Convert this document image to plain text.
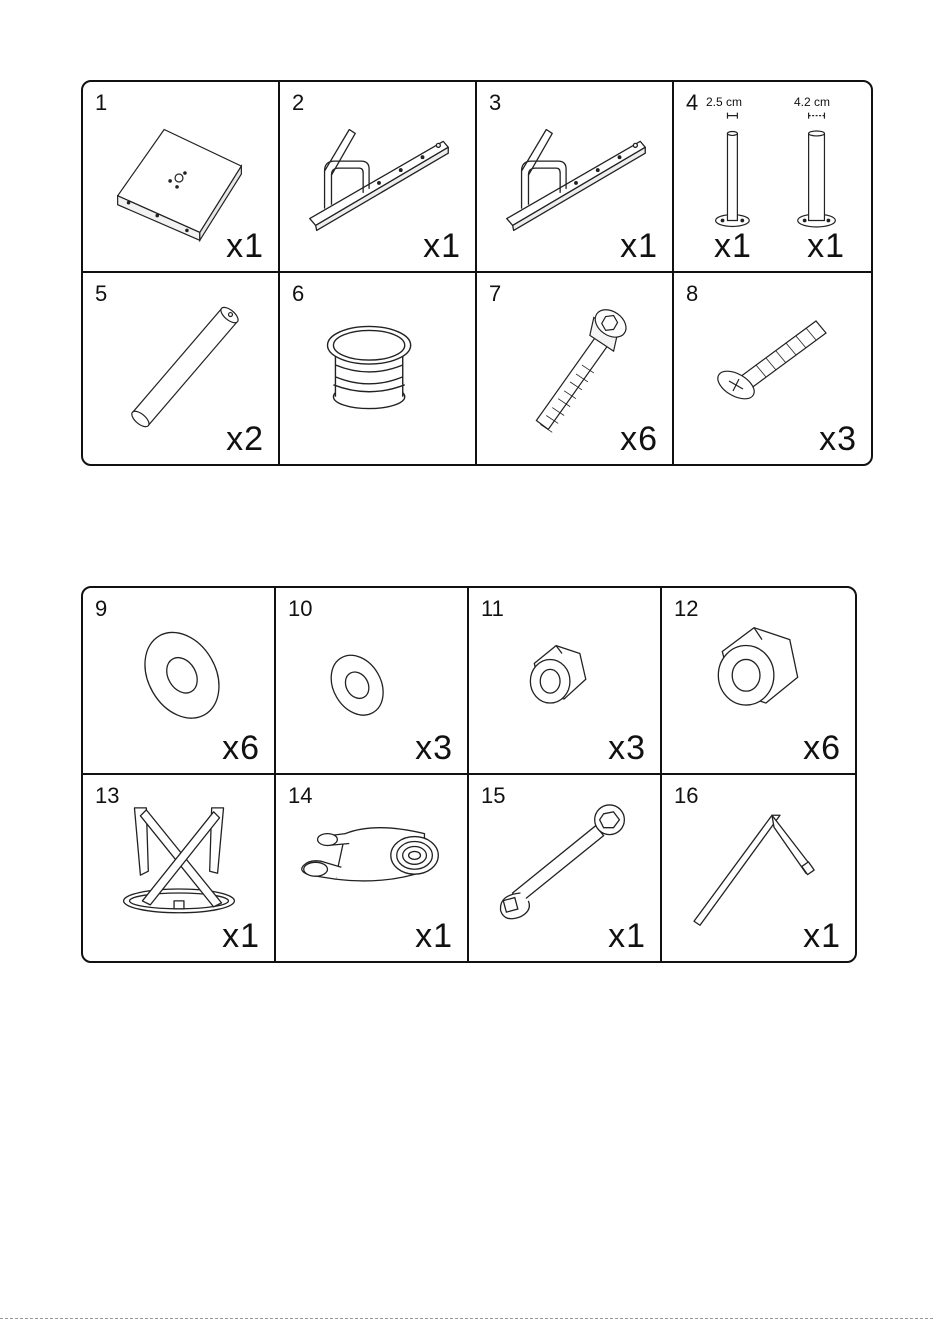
1
x1
2
x1
3
x1
4 2.5 cm	4.2 cm
x1 x1
5
x2
6	7
x6
8
x3
9
x6
10
x3
11
x3
12
x6
13
x1
14
x1
15
x1
16
x1
